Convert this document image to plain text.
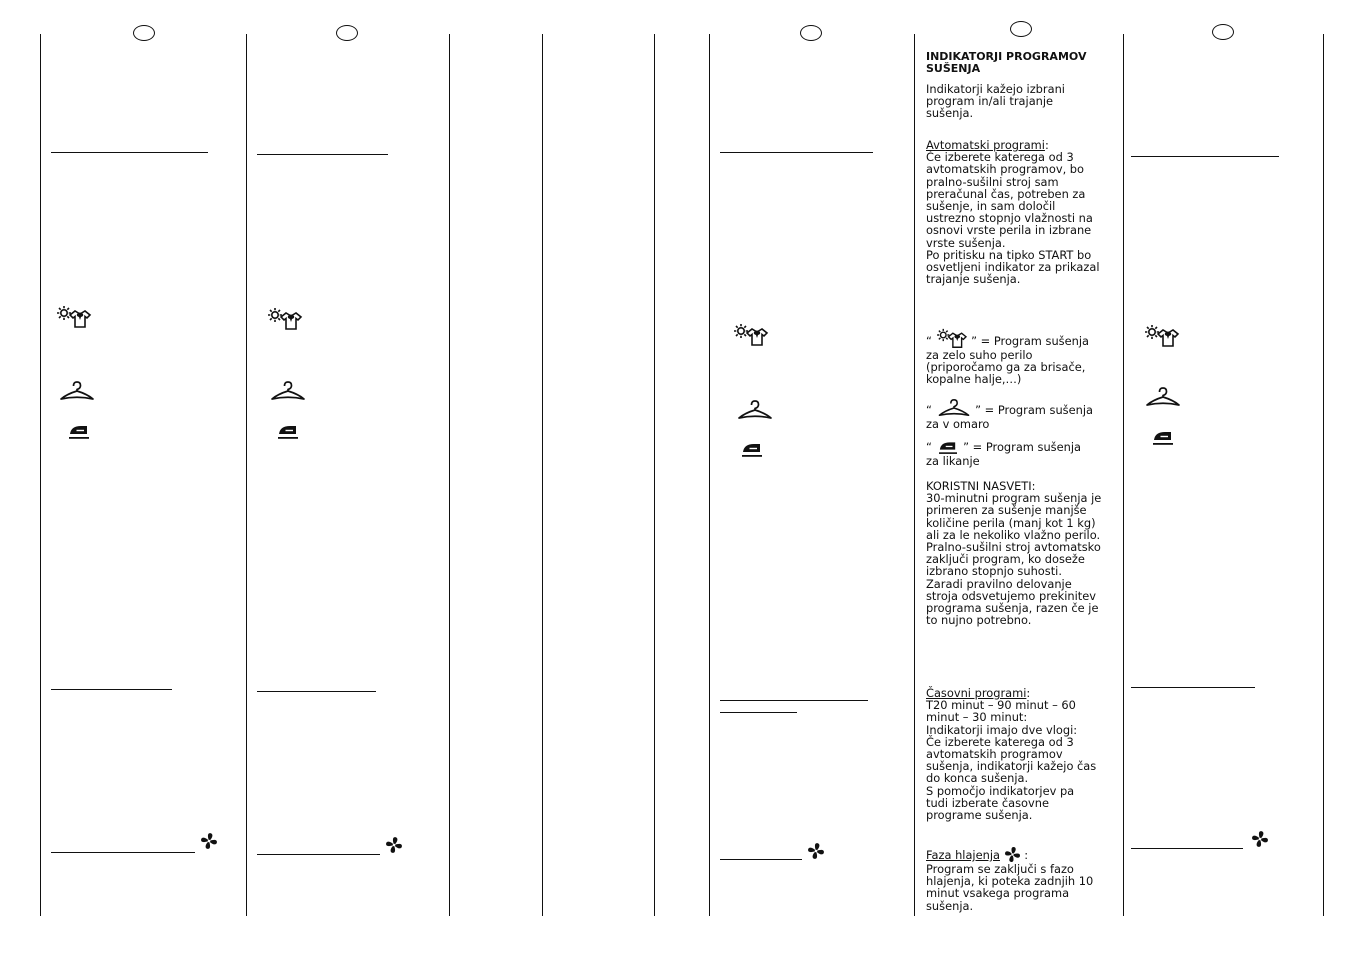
INDIKATORJI PROGRAMOV
SUŠENJA
Indikatorji kažejo izbrani
program in/ali trajanje
sušenja.
Avtomatski programi:
Če izberete katerega od 3
avtomatskih programov, bo
pralno-sušilni stroj sam
preračunal čas, potreben za
sušenje, in sam določil
ustrezno stopnjo vlažnosti na
osnovi vrste perila in izbrane
vrste sušenja.
Po pritisku na tipko START bo
osvetljeni indikator za prikazal
trajanje sušenja.
“	” = Program sušenja
za zelo suho perilo
(priporočamo ga za brisače,
kopalne halje,…)
“	” = Program sušenja
za v omaro
“	” = Program sušenja
za likanje
KORISTNI NASVETI:
30-minutni program sušenja je
primeren za sušenje manjše
količine perila (manj kot 1 kg)
ali za le nekoliko vlažno perilo.
Pralno-sušilni stroj avtomatsko
zaključi program, ko doseže
izbrano stopnjo suhosti.
Zaradi pravilno delovanje
stroja odsvetujemo prekinitev
programa sušenja, razen če je
to nujno potrebno.
Časovni programi:
T20 minut – 90 minut – 60
minut – 30 minut:
Indikatorji imajo dve vlogi:
Če izberete katerega od 3
avtomatskih programov
sušenja, indikatorji kažejo čas
do konca sušenja.
S pomočjo indikatorjev pa
tudi izberate časovne
programe sušenja.
Faza hlajenja :
Program se zaključi s fazo
hlajenja, ki poteka zadnjih 10
minut vsakega programa
sušenja.
